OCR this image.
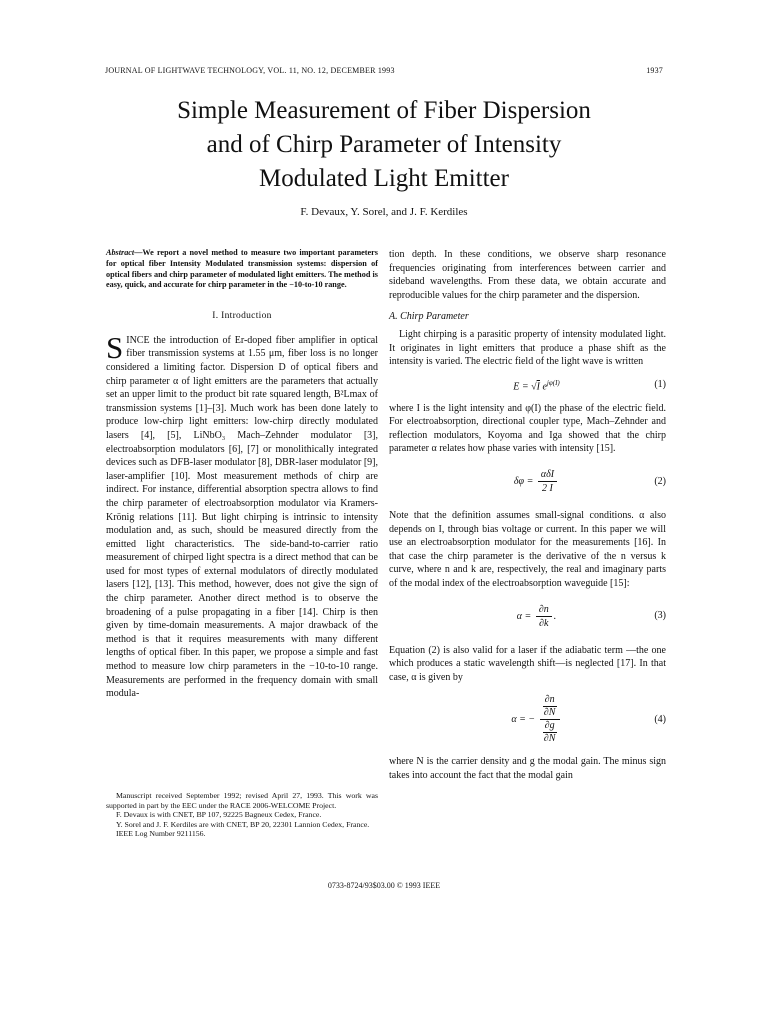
JOURNAL OF LIGHTWAVE TECHNOLOGY, VOL. 11, NO. 12, DECEMBER 1993	1937
Simple Measurement of Fiber Dispersion
and of Chirp Parameter of Intensity
Modulated Light Emitter
F. Devaux, Y. Sorel, and J. F. Kerdiles
Abstract—We report a novel method to measure two important parameters for optical fiber Intensity Modulated transmission systems: dispersion of optical fibers and chirp parameter of modulated light emitters. The method is easy, quick, and accurate for chirp parameter in the −10-to-10 range.
I. Introduction

SINCE the introduction of Er-doped fiber amplifier in optical fiber transmission systems at 1.55 μm, fiber loss is no longer considered a limiting factor. Dispersion D of optical fibers and chirp parameter α of light emitters are the parameters that actually set an upper limit to the product bit rate squared length, B²Lmax of transmission systems [1]–[3]. Much work has been done lately to produce low-chirp light emitters: low-chirp directly modulated lasers [4], [5], LiNbO₃ Mach–Zehnder modulator [3], electroabsorption modulators [6], [7] or monolithically integrated devices such as DFB-laser modulator [8], DBR-laser modulator [9], laser-amplifier [10]. Most measurement methods of chirp are indirect. For instance, differential absorption spectra allows to find the chirp parameter of electroabsorption modulator via Kramers-Krönig relations [11]. But light chirping is intrinsic to intensity modulation and, as such, should be measured directly from the emitted light characteristics. The side-band-to-carrier ratio measurement of chirped light spectra is a direct method that can be used for most types of external modulators of directly modulated lasers [12], [13]. This method, however, does not give the sign of the chirp parameter. Another direct method is to observe the broadening of a pulse propagating in a fiber [14]. Chirp is then given by time-domain measurements. A major drawback of the method is that it requires measurements with many different lengths of optical fiber. In this paper, we propose a simple and fast method to measure low chirp parameters in the −10-to-10 range. Measurements are performed in the frequency domain with small modula-

tion depth. In these conditions, we observe sharp resonance frequencies originating from interferences between carrier and sideband wavelengths. From these data, we obtain accurate and reproducible values for the chirp parameter and the dispersion.

A. Chirp Parameter

Light chirping is a parasitic property of intensity modulated light. It originates in light emitters that produce a phase shift as the intensity is varied. The electric field of the light wave is written

E = √I $e^{j\varphi(I)}$	(1)

where I is the light intensity and φ(I) the phase of the electric field. For electroabsorption, directional coupler type, Mach–Zehnder and reflection modulators, Koyoma and Iga showed that the chirp parameter α relates how phase varies with intensity [15].

$\delta\varphi = \frac{\text{αδI}}{2 I}$	(2)

Note that the definition assumes small-signal conditions. α also depends on I, through bias voltage or current. In this paper we will use an electroabsorption modulator for the measurements [16]. In that case the chirp parameter is the derivative of the n versus k curve, where n and k are, respectively, the real and imaginary parts of the modal index of the electroabsorption waveguide [15]:

$\alpha = \frac{\partial n}{\partial k}$ .	(3)

Equation (2) is also valid for a laser if the adiabatic term —the one which produces a static wavelength shift—is neglected [17]. In that case, α is given by

α = − ∂n
∂N
∂g
∂N	(4)

where N is the carrier density and g the modal gain. The minus sign takes into account the fact that the modal gain

Manuscript received September 1992; revised April 27, 1993. This work was supported in part by the EEC under the RACE 2006-WELCOME Project.
F. Devaux is with CNET, BP 107, 92225 Bagneux Cedex, France.
Y. Sorel and J. F. Kerdiles are with CNET, BP 20, 22301 Lannion Cedex, France.
IEEE Log Number 9211156.
0733-8724/93$03.00 © 1993 IEEE
